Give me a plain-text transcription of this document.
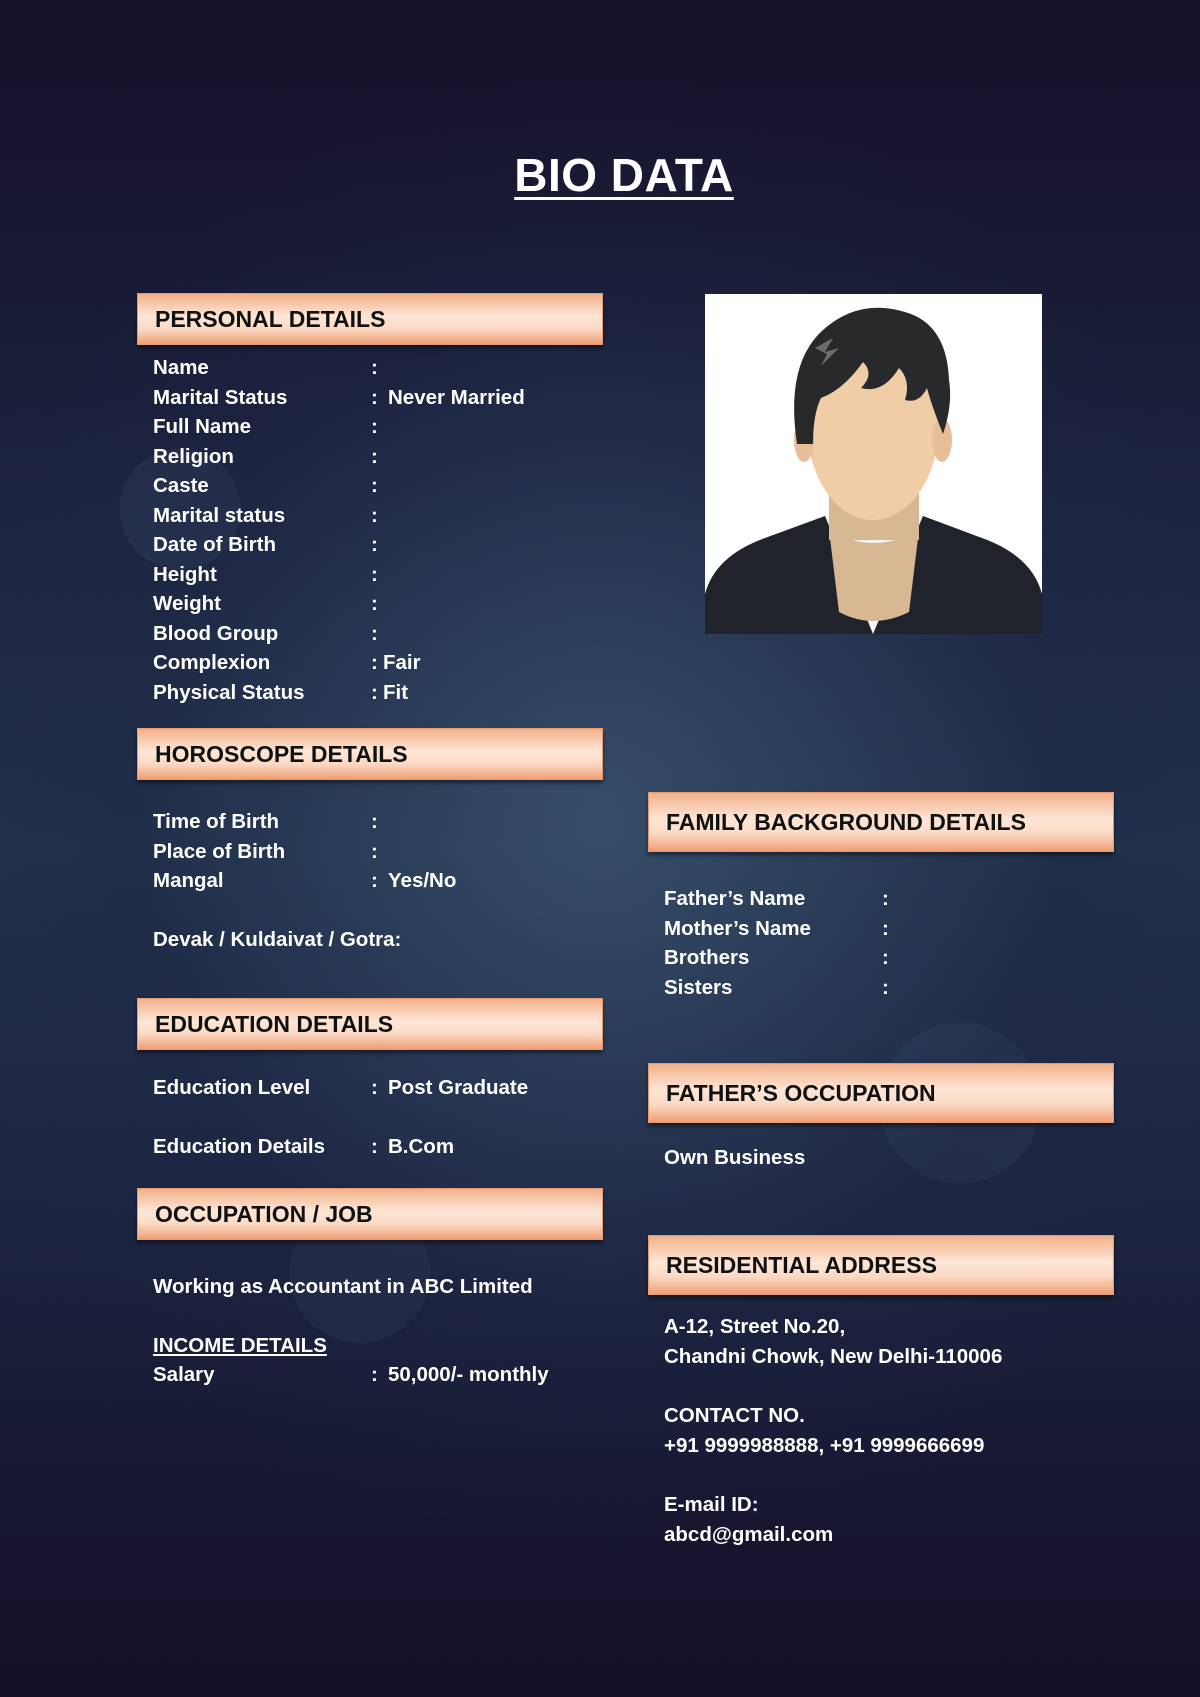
BIO DATA
PERSONAL DETAILS
Name	:
Marital Status	: Never Married
Full Name	:
Religion	:
Caste	:
Marital status	:
Date of Birth	:
Height	:
Weight	:
Blood Group	:
Complexion	: Fair
Physical Status	: Fit
HOROSCOPE DETAILS
Time of Birth	:
Place of Birth	:
Mangal	: Yes/No
Devak / Kuldaivat / Gotra:
EDUCATION DETAILS
Education Level	: Post Graduate
Education Details : B.Com
OCCUPATION / JOB
Working as Accountant in ABC Limited
INCOME DETAILS
Salary	: 50,000/- monthly
FAMILY BACKGROUND DETAILS
Father’s Name	:
Mother’s Name	:
Brothers	:
Sisters	:
FATHER’S OCCUPATION
Own Business
RESIDENTIAL ADDRESS
A-12, Street No.20,
Chandni Chowk, New Delhi-110006
CONTACT NO.
+91 9999988888, +91 9999666699
E-mail ID:
abcd@gmail.com
